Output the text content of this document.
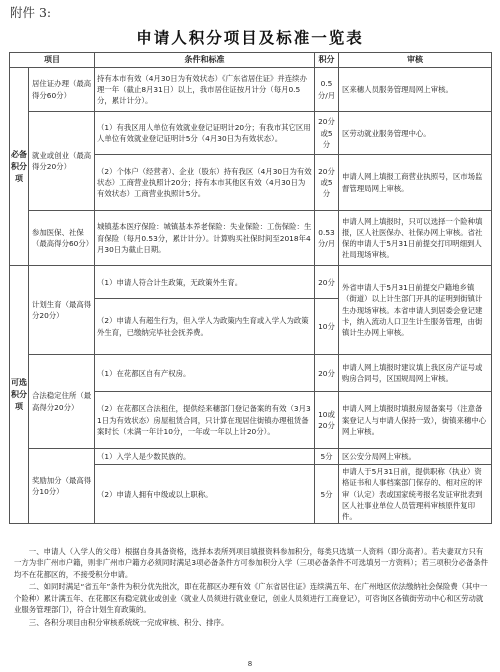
附件 3:
申请人积分项目及标准一览表
项目		条件和标准	积分	审核
必备积分项	居住证办理（最高得分60分）	持有本市有效（4月30日为有效状态）《广东省居住证》并连续办理一年（截止8月31日）以上，我市居住证按月计分（每月0.5分，累计计分）。	0.5分/月	区来穗人员服务管理局网上审核。
	就业或创业（最高得分20分）	（1）有我区用人单位有效就业登记证明计20分；有我市其它区用人单位有效就业登记证明计5分（4月30日为有效状态）。	20分或5分	区劳动就业服务管理中心。
		（2）个体户（经营者）、企业（股东）持有我区（4月30日为有效状态）工商营业执照计20分；持有本市其他区有效（4月30日为有效状态）工商营业执照计5分。	20分或5分	申请人网上填报工商营业执照号，区市场监督管理局网上审核。
	参加医保、社保（最高得分60分）	城镇基本医疗保险：城镇基本养老保险：失业保险：工伤保险：生育保险（每月0.53分，累计计分）。计算购买社保时间至2018年4月30日为截止日期。	0.53分/月	申请人网上填报时，只可以选择一个险种填报，区人社医保办、社保办网上审核。省社保的申请人于5月31日前提交打印明细到人社局现场审核。
可选积分项	计划生育（最高得分20分）	（1）申请人符合计生政策，无政策外生育。	20分	外省申请人于5月31日前提交户籍地乡镇（街道）以上计生部门开具的证明到街镇计生办现场审核。本省申请人到居委会登记建卡，纳入流动人口卫生计生服务管理，由街镇计生办网上审核。
		（2）申请人有超生行为，但入学人为政策内生育或入学人为政策外生育，已缴纳完毕社会抚养费。	10分	
	合法稳定住所（最高得分20分）	（1）在花都区自有产权房。	20分	申请人网上填报时建议填上我区房产证号或购房合同号，区国规局网上审核。
		（2）在花都区合法租住，提供经来穗部门登记备案的有效（3月31日为有效状态）房屋租赁合同，只计算在现居住街镇办理租赁备案时长（未满一年计10分，一年或一年以上计20分）。	10或20分	申请人网上填报时填报房屋备案号（注意备案登记人与申请人保持一致），街镇来穗中心网上审核。
	奖励加分（最高得分10分）	（1）入学人是少数民族的。	5分	区公安分局网上审核。
		（2）申请人拥有中级或以上职称。	5分	申请人于5月31日前，提供职称（执业）资格证书和人事档案部门保存的、相对应的评审（认定）表或国家统考报名发证审批表到区人社事业单位人员管理科审核原件复印件。

一、申请人（入学人的父母）根据自身具备资格，选择本表所列项目填报资料参加积分，每类只选填一人资料（即分高者）。若夫妻双方只有一方为非广州市户籍，则非广州市户籍方必须同时满足3项必备条件方可参加积分入学（三项必备条件不可选填另一方资料）；若三项积分必备条件均不在花都区的，不接受积分申请。

二、如同时满足“省五年”条件为积分优先批次，即在花都区办理有效《广东省居住证》连续满五年、在广州地区依法缴纳社会保险费（其中一个险种）累计满五年、在花都区有稳定就业或创业（就业人员须进行就业登记，创业人员须进行工商登记），可咨询区各镇街劳动中心和区劳动就业服务管理部门），符合计划生育政策的。

三、各积分项目由积分审核系统统一完成审核、积分、排序。

8
